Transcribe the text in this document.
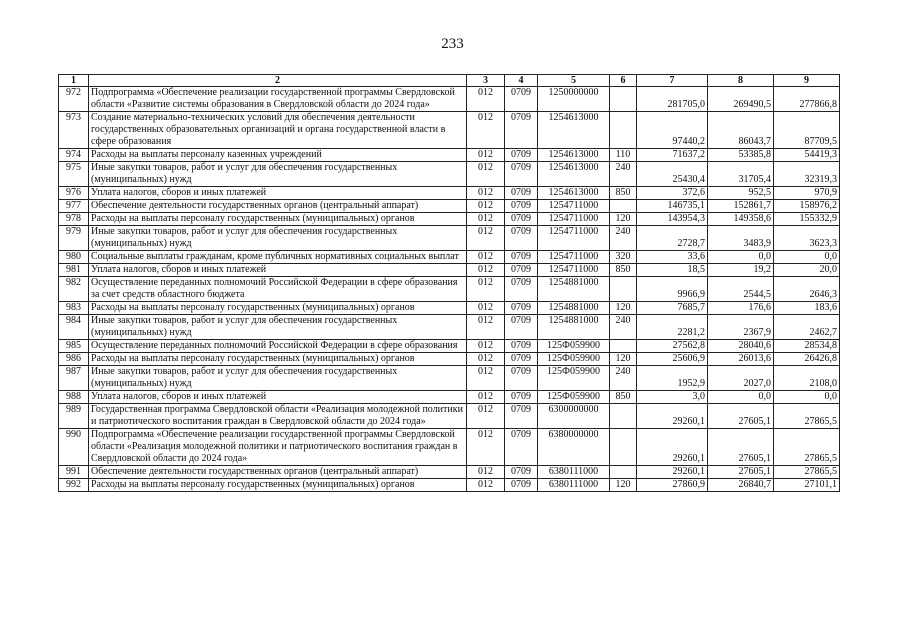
233
1	2	3	4	5	6	7	8	9
972	Подпрограмма «Обеспечение реализации государственной программы Свердловской области «Развитие системы образования в Свердловской области до 2024 года»	012	0709	1250000000		281705,0	269490,5	277866,8
973	Создание материально-технических условий для обеспечения деятельности государственных образовательных организаций и органа государственной власти в сфере образования	012	0709	1254613000		97440,2	86043,7	87709,5
974	Расходы на выплаты персоналу казенных учреждений	012	0709	1254613000	110	71637,2	53385,8	54419,3
975	Иные закупки товаров, работ и услуг для обеспечения государственных (муниципальных) нужд	012	0709	1254613000	240	25430,4	31705,4	32319,3
976	Уплата налогов, сборов и иных платежей	012	0709	1254613000	850	372,6	952,5	970,9
977	Обеспечение деятельности государственных органов (центральный аппарат)	012	0709	1254711000		146735,1	152861,7	158976,2
978	Расходы на выплаты персоналу государственных (муниципальных) органов	012	0709	1254711000	120	143954,3	149358,6	155332,9
979	Иные закупки товаров, работ и услуг для обеспечения государственных (муниципальных) нужд	012	0709	1254711000	240	2728,7	3483,9	3623,3
980	Социальные выплаты гражданам, кроме публичных нормативных социальных выплат	012	0709	1254711000	320	33,6	0,0	0,0
981	Уплата налогов, сборов и иных платежей	012	0709	1254711000	850	18,5	19,2	20,0
982	Осуществление переданных полномочий Российской Федерации в сфере образования за счет средств областного бюджета	012	0709	1254881000		9966,9	2544,5	2646,3
983	Расходы на выплаты персоналу государственных (муниципальных) органов	012	0709	1254881000	120	7685,7	176,6	183,6
984	Иные закупки товаров, работ и услуг для обеспечения государственных (муниципальных) нужд	012	0709	1254881000	240	2281,2	2367,9	2462,7
985	Осуществление переданных полномочий Российской Федерации в сфере образования	012	0709	125Ф059900		27562,8	28040,6	28534,8
986	Расходы на выплаты персоналу государственных (муниципальных) органов	012	0709	125Ф059900	120	25606,9	26013,6	26426,8
987	Иные закупки товаров, работ и услуг для обеспечения государственных (муниципальных) нужд	012	0709	125Ф059900	240	1952,9	2027,0	2108,0
988	Уплата налогов, сборов и иных платежей	012	0709	125Ф059900	850	3,0	0,0	0,0
989	Государственная программа Свердловской области «Реализация молодежной политики и патриотического воспитания граждан в Свердловской области до 2024 года»	012	0709	6300000000		29260,1	27605,1	27865,5
990	Подпрограмма «Обеспечение реализации государственной программы Свердловской области «Реализация молодежной политики и патриотического воспитания граждан в Свердловской области до 2024 года»	012	0709	6380000000		29260,1	27605,1	27865,5
991	Обеспечение деятельности государственных органов (центральный аппарат)	012	0709	6380111000		29260,1	27605,1	27865,5
992	Расходы на выплаты персоналу государственных (муниципальных) органов	012	0709	6380111000	120	27860,9	26840,7	27101,1
